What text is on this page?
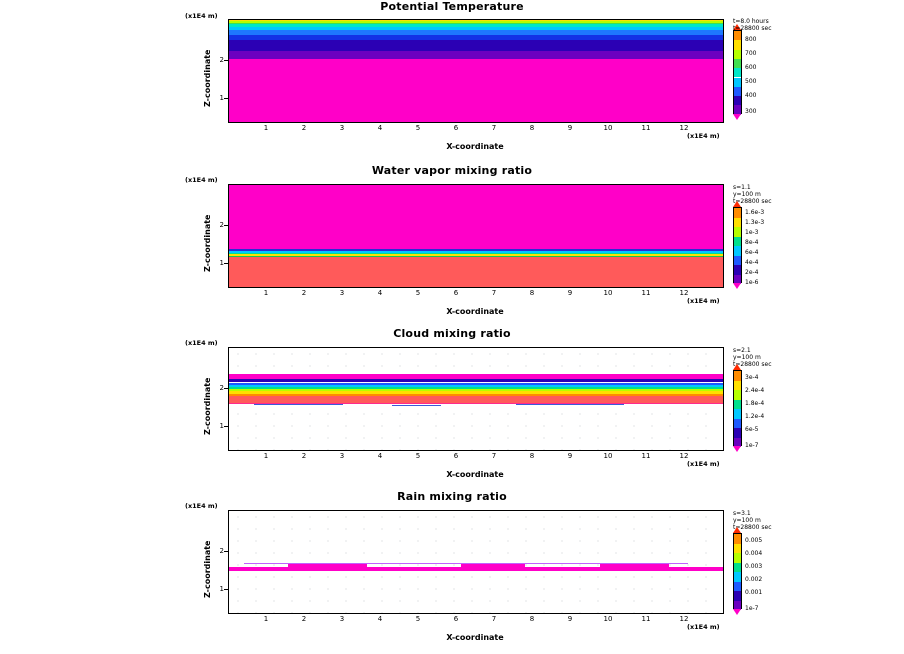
Potential Temperature
(x1E4 m)
Z-coordinate	2
1
1	2	3	4	5	6	7	8	9	10	11	12
(x1E4 m)
X-coordinate
800
700
600
500
400
300
t=8.0 hours
t=28800 sec
Water vapor mixing ratio
(x1E4 m)
Z-coordinate	2
1
1	2	3	4	5	6	7	8	9	10	11	12
(x1E4 m)
X-coordinate
s=1.1
y=100 m
t=28800 sec
1.6e-3
1.3e-3
1e-3
8e-4
6e-4
4e-4
2e-4
1e-6
Cloud mixing ratio
(x1E4 m)
Z-coordinate	2
1
1	2	3	4	5	6	7	8	9	10	11	12
(x1E4 m)
X-coordinate
s=2.1
y=100 m
t=28800 sec
3e-4
2.4e-4
1.8e-4
1.2e-4
6e-5
1e-7
Rain mixing ratio
(x1E4 m)
Z-coordinate	2
1
1	2	3	4	5	6	7	8	9	10	11	12
(x1E4 m)
X-coordinate
s=3.1
y=100 m
t=28800 sec
0.005
0.004
0.003
0.002
0.001
1e-7
